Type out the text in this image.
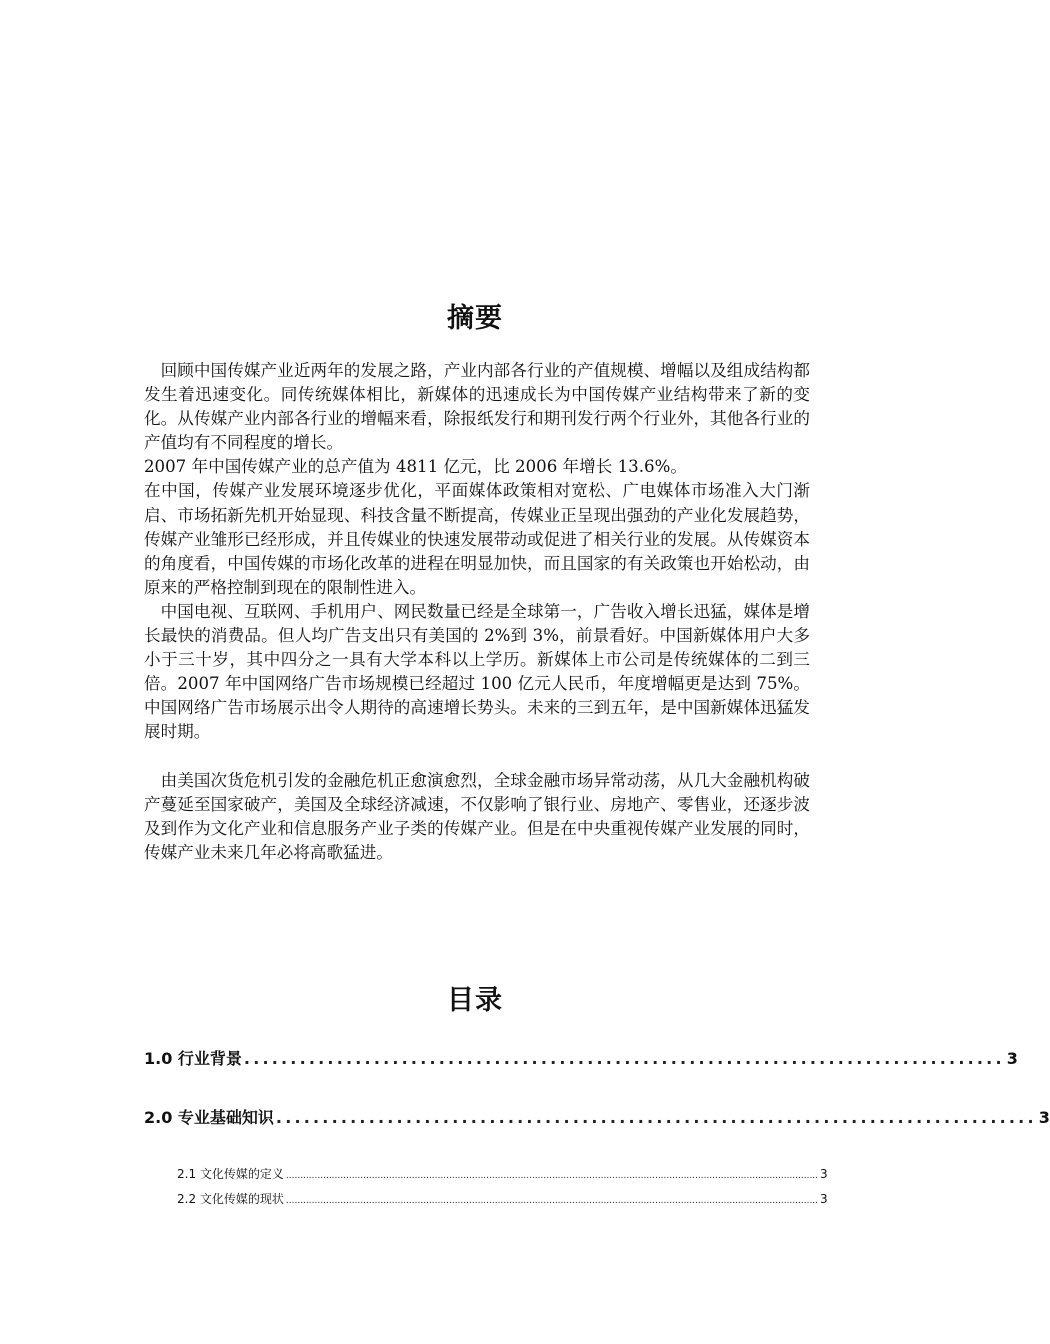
摘要

回顾中国传媒产业近两年的发展之路，产业内部各行业的产值规模、增幅以及组成结构都发生着迅速变化。同传统媒体相比，新媒体的迅速成长为中国传媒产业结构带来了新的变化。从传媒产业内部各行业的增幅来看，除报纸发行和期刊发行两个行业外，其他各行业的产值均有不同程度的增长。

2007 年中国传媒产业的总产值为 4811 亿元，比 2006 年增长 13.6%。

在中国，传媒产业发展环境逐步优化，平面媒体政策相对宽松、广电媒体市场准入大门渐启、市场拓新先机开始显现、科技含量不断提高，传媒业正呈现出强劲的产业化发展趋势，传媒产业雏形已经形成，并且传媒业的快速发展带动或促进了相关行业的发展。从传媒资本的角度看，中国传媒的市场化改革的进程在明显加快，而且国家的有关政策也开始松动，由原来的严格控制到现在的限制性进入。

中国电视、互联网、手机用户、网民数量已经是全球第一，广告收入增长迅猛，媒体是增长最快的消费品。但人均广告支出只有美国的 2%到 3%，前景看好。中国新媒体用户大多小于三十岁，其中四分之一具有大学本科以上学历。新媒体上市公司是传统媒体的二到三倍。2007 年中国网络广告市场规模已经超过 100 亿元人民币，年度增幅更是达到 75%。中国网络广告市场展示出令人期待的高速增长势头。未来的三到五年，是中国新媒体迅猛发展时期。

由美国次货危机引发的金融危机正愈演愈烈，全球金融市场异常动荡，从几大金融机构破产蔓延至国家破产，美国及全球经济减速，不仅影响了银行业、房地产、零售业，还逐步波及到作为文化产业和信息服务产业子类的传媒产业。但是在中央重视传媒产业发展的同时，传媒产业未来几年必将高歌猛进。

目录
1.0 行业背景 .................................................................................. 3
2.0 专业基础知识 .................................................................................. 3
2.1 文化传媒的定义 .......................................................................................................................................................................................... 3
2.2 文化传媒的现状 .......................................................................................................................................................................................... 3
